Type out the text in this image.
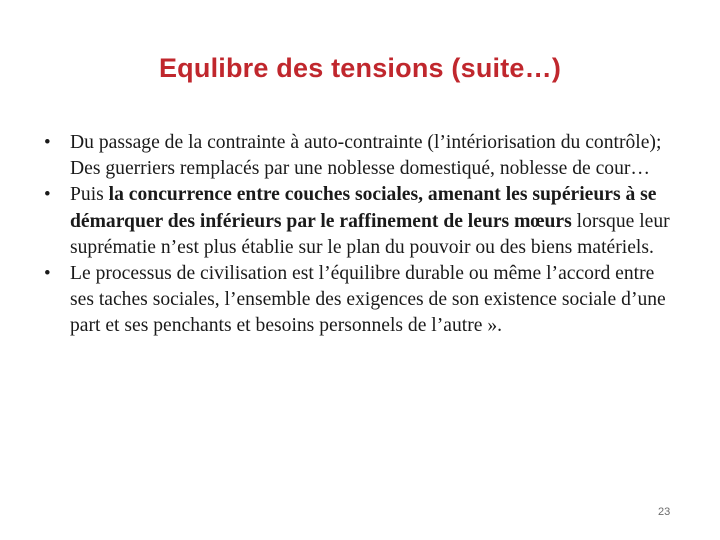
Equlibre des tensions (suite…)
• Du passage de la contrainte à auto-contrainte (l’intériorisation du contrôle); Des guerriers remplacés par une noblesse domestiqué, noblesse de cour…
• Puis la concurrence entre couches sociales, amenant les supérieurs à se démarquer des inférieurs par le raffinement de leurs mœurs lorsque leur suprématie n’est plus établie sur le plan du pouvoir ou des biens matériels.
• Le processus de civilisation est l’équilibre durable ou même l’accord entre ses taches sociales, l’ensemble des exigences de son existence sociale d’une part et ses penchants et besoins personnels de l’autre ».
23
